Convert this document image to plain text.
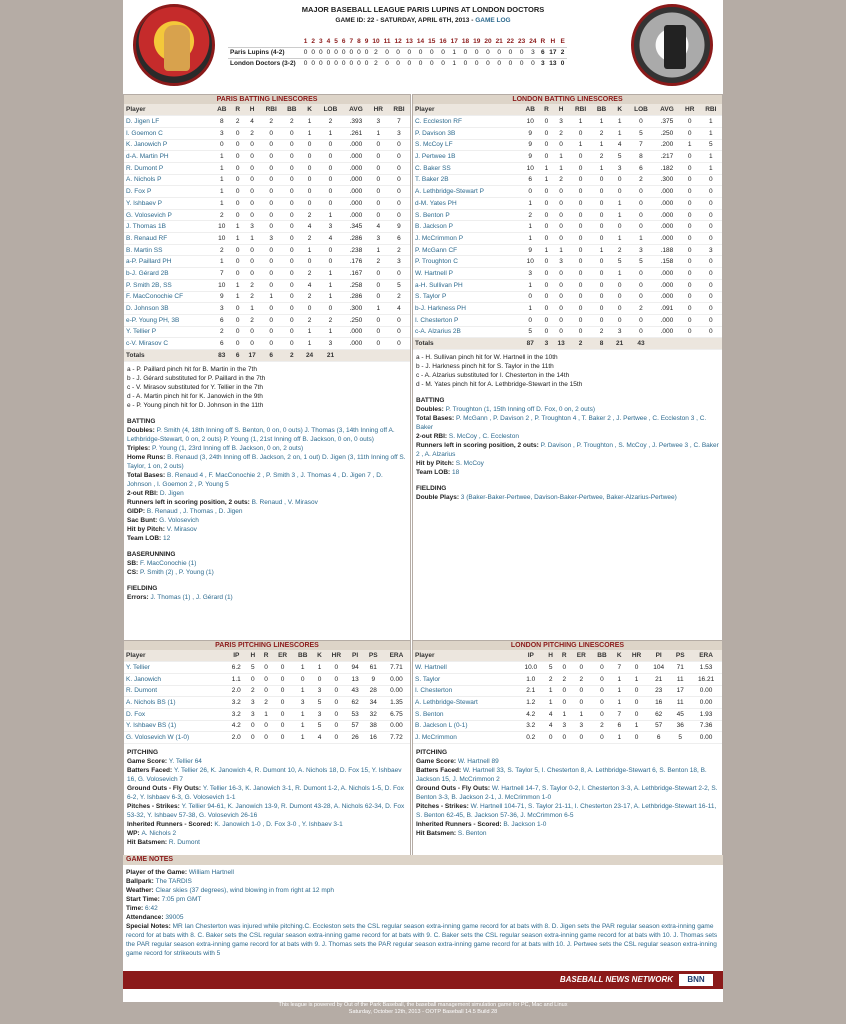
MAJOR BASEBALL LEAGUE PARIS LUPINS AT LONDON DOCTORS
GAME ID: 22 - SATURDAY, APRIL 6TH, 2013 - GAME LOG
	1	2	3	4	5	6	7	8	9	10	11	12	13	14	15	16	17	18	19	20	21	22	23	24	R	H	E
Paris Lupins (4-2)	0	0	0	0	0	0	0	0	0	2	0	0	0	0	0	0	1	0	0	0	0	0	0	3	6	17	2
London Doctors (3-2)	0	0	0	0	0	0	0	0	0	2	0	0	0	0	0	0	1	0	0	0	0	0	0	0	3	13	0
PARIS BATTING LINESCORES
Player	AB	R	H	RBI	BB	K	LOB	AVG	HR	RBI
D. Jigen LF	8	2	4	2	2	1	2	.393	3	7
I. Goemon C	3	0	2	0	0	1	1	.261	1	3
K. Janowich P	0	0	0	0	0	0	0	.000	0	0
d-A. Martin PH	1	0	0	0	0	0	0	.000	0	0
R. Dumont P	1	0	0	0	0	0	0	.000	0	0
A. Nichols P	1	0	0	0	0	0	0	.000	0	0
D. Fox P	1	0	0	0	0	0	0	.000	0	0
Y. Ishbaev P	1	0	0	0	0	0	0	.000	0	0
G. Volosevich P	2	0	0	0	0	2	1	.000	0	0
J. Thomas 1B	10	1	3	0	0	4	3	.345	4	9
B. Renaud RF	10	1	1	3	0	2	4	.286	3	6
B. Martin SS	2	0	0	0	0	1	0	.238	1	2
a-P. Paillard PH	1	0	0	0	0	0	0	.176	2	3
b-J. Gérard 2B	7	0	0	0	0	2	1	.167	0	0
P. Smith 2B, SS	10	1	2	0	0	4	1	.258	0	5
F. MacConochie CF	9	1	2	1	0	2	1	.286	0	2
D. Johnson 3B	3	0	1	0	0	0	0	.300	1	4
e-P. Young PH, 3B	6	0	2	0	0	2	2	.250	0	0
Y. Tellier P	2	0	0	0	0	1	1	.000	0	0
c-V. Mirasov C	6	0	0	0	0	1	3	.000	0	0
Totals	83	6	17	6	2	24	21			

a - P. Paillard pinch hit for B. Martin in the 7th

b - J. Gérard substituted for P. Paillard in the 7th

c - V. Mirasov substituted for Y. Tellier in the 7th

d - A. Martin pinch hit for K. Janowich in the 9th

e - P. Young pinch hit for D. Johnson in the 11th

BATTING

Doubles: P. Smith (4, 18th Inning off S. Benton, 0 on, 0 outs) J. Thomas (3, 14th Inning off A. Lethbridge-Stewart, 0 on, 2 outs) P. Young (1, 21st Inning off B. Jackson, 0 on, 0 outs)

Triples: P. Young (1, 23rd Inning off B. Jackson, 0 on, 2 outs)

Home Runs: B. Renaud (3, 24th Inning off B. Jackson, 2 on, 1 out) D. Jigen (3, 11th Inning off S. Taylor, 1 on, 2 outs)

Total Bases: B. Renaud 4 , F. MacConochie 2 , P. Smith 3 , J. Thomas 4 , D. Jigen 7 , D. Johnson , I. Goemon 2 , P. Young 5

2-out RBI: D. Jigen

Runners left in scoring position, 2 outs: B. Renaud , V. Mirasov

GIDP: B. Renaud , J. Thomas , D. Jigen

Sac Bunt: G. Volosevich

Hit by Pitch: V. Mirasov

Team LOB: 12

BASERUNNING

SB: F. MacConochie (1)

CS: P. Smith (2) , P. Young (1)

FIELDING

Errors: J. Thomas (1) , J. Gérard (1)

LONDON BATTING LINESCORES
Player	AB	R	H	RBI	BB	K	LOB	AVG	HR	RBI
C. Eccleston RF	10	0	3	1	1	1	0	.375	0	1
P. Davison 3B	9	0	2	0	2	1	5	.250	0	1
S. McCoy LF	9	0	0	1	1	4	7	.200	1	5
J. Pertwee 1B	9	0	1	0	2	5	8	.217	0	1
C. Baker SS	10	1	1	0	1	3	6	.182	0	1
T. Baker 2B	6	1	2	0	0	0	2	.300	0	0
A. Lethbridge-Stewart P	0	0	0	0	0	0	0	.000	0	0
d-M. Yates PH	1	0	0	0	0	1	0	.000	0	0
S. Benton P	2	0	0	0	0	1	0	.000	0	0
B. Jackson P	1	0	0	0	0	0	0	.000	0	0
J. McCrimmon P	1	0	0	0	0	1	1	.000	0	0
P. McGann CF	9	1	1	0	1	2	3	.188	0	3
P. Troughton C	10	0	3	0	0	5	5	.158	0	0
W. Hartnell P	3	0	0	0	0	1	0	.000	0	0
a-H. Sullivan PH	1	0	0	0	0	0	0	.000	0	0
S. Taylor P	0	0	0	0	0	0	0	.000	0	0
b-J. Harkness PH	1	0	0	0	0	0	2	.091	0	0
I. Chesterton P	0	0	0	0	0	0	0	.000	0	0
c-A. Alzarius 2B	5	0	0	0	2	3	0	.000	0	0
Totals	87	3	13	2	8	21	43			

a - H. Sullivan pinch hit for W. Hartnell in the 10th

b - J. Harkness pinch hit for S. Taylor in the 11th

c - A. Alzarius substituted for I. Chesterton in the 14th

d - M. Yates pinch hit for A. Lethbridge-Stewart in the 15th

BATTING

Doubles: P. Troughton (1, 15th Inning off D. Fox, 0 on, 2 outs)

Total Bases: P. McGann , P. Davison 2 , P. Troughton 4 , T. Baker 2 , J. Pertwee , C. Eccleston 3 , C. Baker

2-out RBI: S. McCoy , C. Eccleston

Runners left in scoring position, 2 outs: P. Davison , P. Troughton , S. McCoy , J. Pertwee 3 , C. Baker 2 , A. Alzarius

Hit by Pitch: S. McCoy

Team LOB: 18

FIELDING

Double Plays: 3 (Baker-Baker-Pertwee, Davison-Baker-Pertwee, Baker-Alzarius-Pertwee)

PARIS PITCHING LINESCORES
Player	IP	H	R	ER	BB	K	HR	PI	PS	ERA
Y. Tellier	6.2	5	0	0	1	1	0	94	61	7.71
K. Janowich	1.1	0	0	0	0	0	0	13	9	0.00
R. Dumont	2.0	2	0	0	1	3	0	43	28	0.00
A. Nichols BS (1)	3.2	3	2	0	3	5	0	62	34	1.35
D. Fox	3.2	3	1	0	1	3	0	53	32	6.75
Y. Ishbaev BS (1)	4.2	0	0	0	1	5	0	57	38	0.00
G. Volosevich W (1-0)	2.0	0	0	0	1	4	0	26	16	7.72

PITCHING

Game Score: Y. Tellier 64

Batters Faced: Y. Tellier 26, K. Janowich 4, R. Dumont 10, A. Nichols 18, D. Fox 15, Y. Ishbaev 16, G. Volosevich 7

Ground Outs - Fly Outs: Y. Tellier 16-3, K. Janowich 3-1, R. Dumont 1-2, A. Nichols 1-5, D. Fox 6-2, Y. Ishbaev 6-3, G. Volosevich 1-1

Pitches - Strikes: Y. Tellier 94-61, K. Janowich 13-9, R. Dumont 43-28, A. Nichols 62-34, D. Fox 53-32, Y. Ishbaev 57-38, G. Volosevich 26-16

Inherited Runners - Scored: K. Janowich 1-0 , D. Fox 3-0 , Y. Ishbaev 3-1

WP: A. Nichols 2

Hit Batsmen: R. Dumont

LONDON PITCHING LINESCORES
Player	IP	H	R	ER	BB	K	HR	PI	PS	ERA
W. Hartnell	10.0	5	0	0	0	7	0	104	71	1.53
S. Taylor	1.0	2	2	2	0	1	1	21	11	16.21
I. Chesterton	2.1	1	0	0	0	1	0	23	17	0.00
A. Lethbridge-Stewart	1.2	1	0	0	0	1	0	16	11	0.00
S. Benton	4.2	4	1	1	0	7	0	62	45	1.93
B. Jackson L (0-1)	3.2	4	3	3	2	6	1	57	36	7.36
J. McCrimmon	0.2	0	0	0	0	1	0	6	5	0.00

PITCHING

Game Score: W. Hartnell 89

Batters Faced: W. Hartnell 33, S. Taylor 5, I. Chesterton 8, A. Lethbridge-Stewart 6, S. Benton 18, B. Jackson 15, J. McCrimmon 2

Ground Outs - Fly Outs: W. Hartnell 14-7, S. Taylor 0-2, I. Chesterton 3-3, A. Lethbridge-Stewart 2-2, S. Benton 3-3, B. Jackson 2-1, J. McCrimmon 1-0

Pitches - Strikes: W. Hartnell 104-71, S. Taylor 21-11, I. Chesterton 23-17, A. Lethbridge-Stewart 16-11, S. Benton 62-45, B. Jackson 57-36, J. McCrimmon 6-5

Inherited Runners - Scored: B. Jackson 1-0

Hit Batsmen: S. Benton

GAME NOTES

Player of the Game: William Hartnell

Ballpark: The TARDIS

Weather: Clear skies (37 degrees), wind blowing in from right at 12 mph

Start Time: 7:05 pm GMT

Time: 6:42

Attendance: 39005

Special Notes: MR Ian Chesterton was injured while pitching.C. Eccleston sets the CSL regular season extra-inning game record for at bats with 8. D. Jigen sets the PAR regular season extra-inning game record for at bats with 8. C. Baker sets the CSL regular season extra-inning game record for at bats with 9. C. Baker sets the CSL regular season extra-inning game record for at bats with 10. J. Thomas sets the PAR regular season extra-inning game record for at bats with 9. J. Thomas sets the PAR regular season extra-inning game record for at bats with 10. J. Pertwee sets the CSL regular season extra-inning game record for strikeouts with 5

BASEBALL NEWS NETWORK	BNN
This league is powered by Out of the Park Baseball, the baseball management simulation game for PC, Mac and Linux
Saturday, October 12th, 2013 - OOTP Baseball 14.5 Build 28
